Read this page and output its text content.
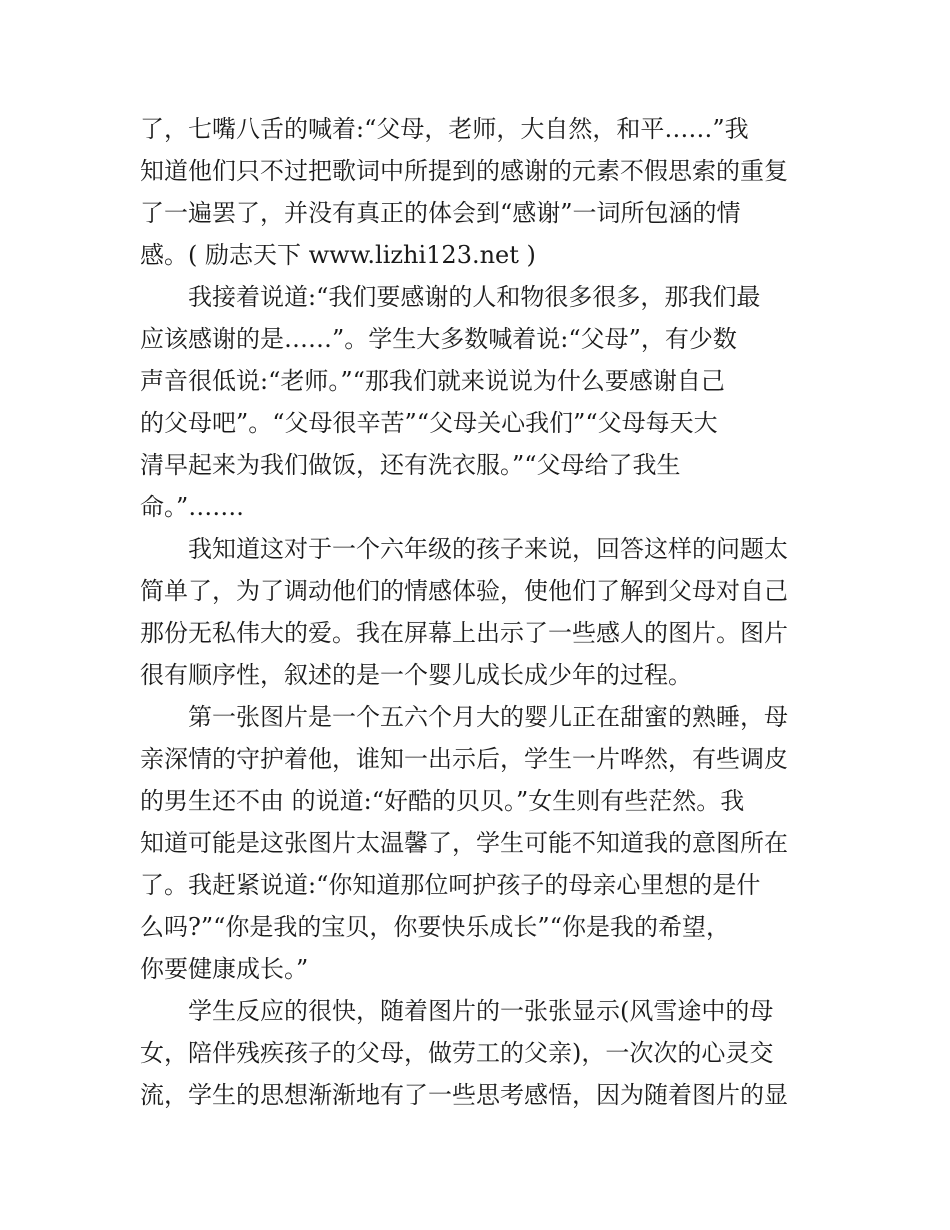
了，七嘴八舌的喊着:“父母，老师，大自然，和平……”我
知道他们只不过把歌词中所提到的感谢的元素不假思索的重复
了一遍罢了，并没有真正的体会到“感谢”一词所包涵的情
感。( 励志天下 www.lizhi123.net )
我接着说道:“我们要感谢的人和物很多很多，那我们最
应该感谢的是……”。学生大多数喊着说:“父母”，有少数
声音很低说:“老师。”“那我们就来说说为什么要感谢自己
的父母吧”。“父母很辛苦”“父母关心我们”“父母每天大
清早起来为我们做饭，还有洗衣服。”“父母给了我生
命。”…….
我知道这对于一个六年级的孩子来说，回答这样的问题太
简单了，为了调动他们的情感体验，使他们了解到父母对自己
那份无私伟大的爱。我在屏幕上出示了一些感人的图片。图片
很有顺序性，叙述的是一个婴儿成长成少年的过程。
第一张图片是一个五六个月大的婴儿正在甜蜜的熟睡，母
亲深情的守护着他，谁知一出示后，学生一片哗然，有些调皮
的男生还不由 的说道:“好酷的贝贝。”女生则有些茫然。我
知道可能是这张图片太温馨了，学生可能不知道我的意图所在
了。我赶紧说道:“你知道那位呵护孩子的母亲心里想的是什
么吗?”“你是我的宝贝，你要快乐成长”“你是我的希望，
你要健康成长。”
学生反应的很快，随着图片的一张张显示(风雪途中的母
女，陪伴残疾孩子的父母，做劳工的父亲)，一次次的心灵交
流，学生的思想渐渐地有了一些思考感悟，因为随着图片的显
